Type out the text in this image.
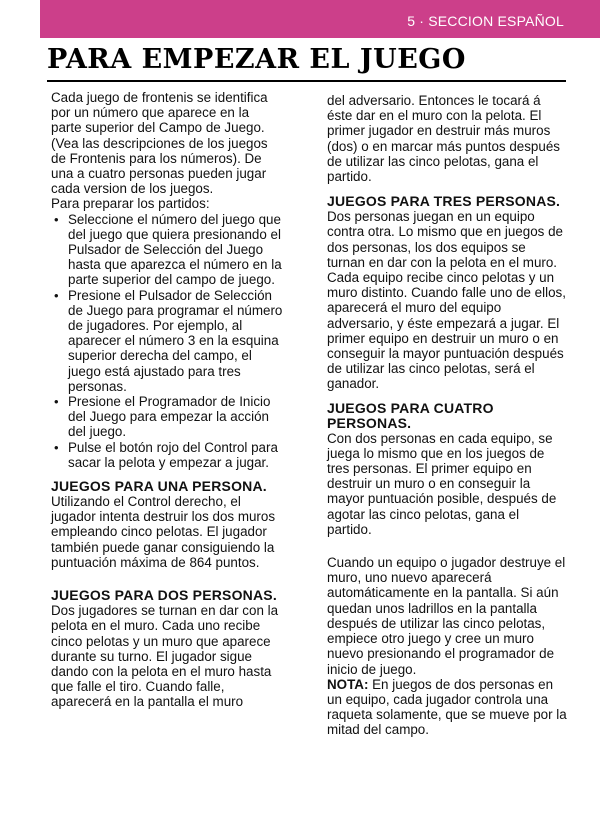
5 · SECCION ESPAÑOL
PARA EMPEZAR EL JUEGO

Cada juego de frontenis se identifica por un número que aparece en la parte superior del Campo de Juego. (Vea las descripciones de los juegos de Frontenis para los números). De una a cuatro personas pueden jugar cada version de los juegos.

Para preparar los partidos:

• Seleccione el número del juego que del juego que quiera presionando el Pulsador de Selección del Juego hasta que aparezca el número en la parte superior del campo de juego.
• Presione el Pulsador de Selección de Juego para programar el número de jugadores. Por ejemplo, al aparecer el número 3 en la esquina superior derecha del campo, el juego está ajustado para tres personas.
• Presione el Programador de Inicio del Juego para empezar la acción del juego.
• Pulse el botón rojo del Control para sacar la pelota y empezar a jugar.
JUEGOS PARA UNA PERSONA.

Utilizando el Control derecho, el jugador intenta destruir los dos muros empleando cinco pelotas. El jugador también puede ganar consiguiendo la puntuación máxima de 864 puntos.

JUEGOS PARA DOS PERSONAS.

Dos jugadores se turnan en dar con la pelota en el muro. Cada uno recibe cinco pelotas y un muro que aparece durante su turno. El jugador sigue dando con la pelota en el muro hasta que falle el tiro. Cuando falle, aparecerá en la pantalla el muro

del adversario. Entonces le tocará á éste dar en el muro con la pelota. El primer jugador en destruir más muros (dos) o en marcar más puntos después de utilizar las cinco pelotas, gana el partido.

JUEGOS PARA TRES PERSONAS.

Dos personas juegan en un equipo contra otra. Lo mismo que en juegos de dos personas, los dos equipos se turnan en dar con la pelota en el muro. Cada equipo recibe cinco pelotas y un muro distinto. Cuando falle uno de ellos, aparecerá el muro del equipo adversario, y éste empezará a jugar. El primer equipo en destruir un muro o en conseguir la mayor puntuación después de utilizar las cinco pelotas, será el ganador.

JUEGOS PARA CUATRO PERSONAS.

Con dos personas en cada equipo, se juega lo mismo que en los juegos de tres personas. El primer equipo en destruir un muro o en conseguir la mayor puntuación posible, después de agotar las cinco pelotas, gana el partido.

Cuando un equipo o jugador destruye el muro, uno nuevo aparecerá automáticamente en la pantalla. Si aún quedan unos ladrillos en la pantalla después de utilizar las cinco pelotas, empiece otro juego y cree un muro nuevo presionando el programador de inicio de juego.

NOTA: En juegos de dos personas en un equipo, cada jugador controla una raqueta solamente, que se mueve por la mitad del campo.
